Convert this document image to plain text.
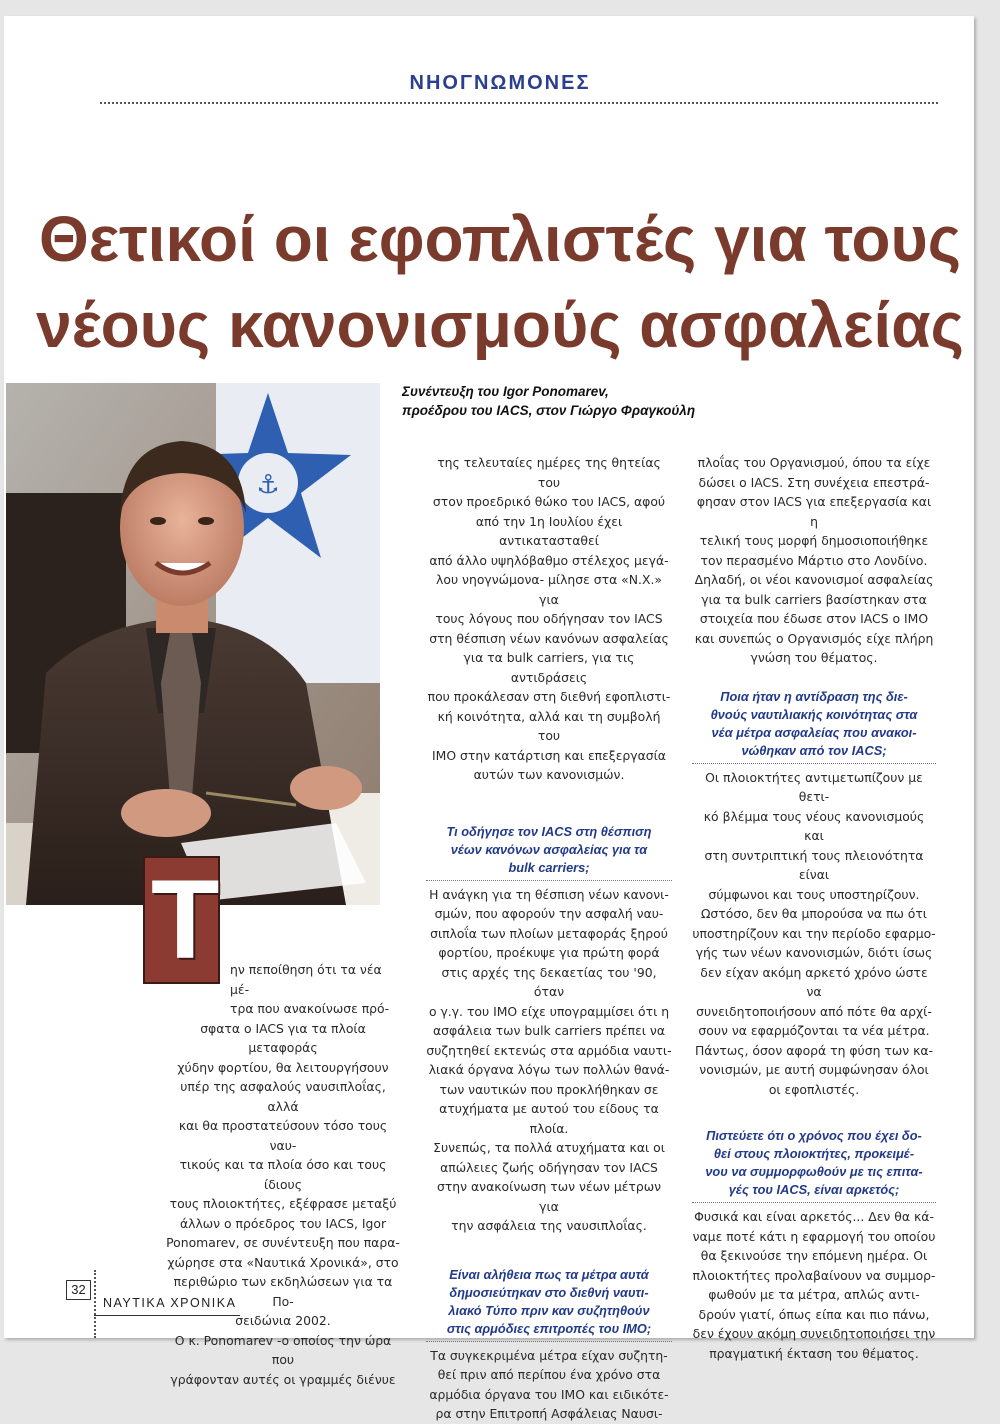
ΝΗΟΓΝΩΜΟΝΕΣ
Θετικοί οι εφοπλιστές για τους
νέους κανονισμούς ασφαλείας
Συνέντευξη του Igor Ponomarev,
προέδρου του IACS, στον Γιώργο Φραγκούλη
⚓
Τ ην πεποίθηση ότι τα νέα μέ-
τρα που ανακοίνωσε πρό-
σφατα ο IACS για τα πλοία μεταφοράς
χύδην φορτίου, θα λειτουργήσουν
υπέρ της ασφαλούς ναυσιπλοΐας, αλλά
και θα προστατεύσουν τόσο τους ναυ-
τικούς και τα πλοία όσο και τους ίδιους
τους πλοιοκτήτες, εξέφρασε μεταξύ
άλλων ο πρόεδρος του IACS, Igor
Ponomarev, σε συνέντευξη που παρα-
χώρησε στα «Ναυτικά Χρονικά», στο
περιθώριο των εκδηλώσεων για τα Πο-
σειδώνια 2002.
Ο κ. Ponomarev -ο οποίος την ώρα που
γράφονταν αυτές οι γραμμές διένυε
της τελευταίες ημέρες της θητείας του
στον προεδρικό θώκο του IACS, αφού
από την 1η Ιουλίου έχει αντικατασταθεί
από άλλο υψηλόβαθμο στέλεχος μεγά-
λου νηογνώμονα- μίλησε στα «Ν.Χ.» για
τους λόγους που οδήγησαν τον IACS
στη θέσπιση νέων κανόνων ασφαλείας
για τα bulk carriers, για τις αντιδράσεις
που προκάλεσαν στη διεθνή εφοπλιστι-
κή κοινότητα, αλλά και τη συμβολή του
ΙΜΟ στην κατάρτιση και επεξεργασία
αυτών των κανονισμών.
Τι οδήγησε τον IACS στη θέσπιση
νέων κανόνων ασφαλείας για τα
bulk carriers;
Η ανάγκη για τη θέσπιση νέων κανονι-
σμών, που αφορούν την ασφαλή ναυ-
σιπλοΐα των πλοίων μεταφοράς ξηρού
φορτίου, προέκυψε για πρώτη φορά
στις αρχές της δεκαετίας του '90, όταν
ο γ.γ. του ΙΜΟ είχε υπογραμμίσει ότι η
ασφάλεια των bulk carriers πρέπει να
συζητηθεί εκτενώς στα αρμόδια ναυτι-
λιακά όργανα λόγω των πολλών θανά-
των ναυτικών που προκλήθηκαν σε
ατυχήματα με αυτού του είδους τα
πλοία.
Συνεπώς, τα πολλά ατυχήματα και οι
απώλειες ζωής οδήγησαν τον IACS
στην ανακοίνωση των νέων μέτρων για
την ασφάλεια της ναυσιπλοΐας.
Είναι αλήθεια πως τα μέτρα αυτά
δημοσιεύτηκαν στο διεθνή ναυτι-
λιακό Τύπο πριν καν συζητηθούν
στις αρμόδιες επιτροπές του ΙΜΟ;
Τα συγκεκριμένα μέτρα είχαν συζητη-
θεί πριν από περίπου ένα χρόνο στα
αρμόδια όργανα του ΙΜΟ και ειδικότε-
ρα στην Επιτροπή Ασφάλειας Ναυσι-
πλοΐας του Οργανισμού, όπου τα είχε
δώσει ο IACS. Στη συνέχεια επεστρά-
φησαν στον IACS για επεξεργασία και η
τελική τους μορφή δημοσιοποιήθηκε
τον περασμένο Μάρτιο στο Λονδίνο.
Δηλαδή, οι νέοι κανονισμοί ασφαλείας
για τα bulk carriers βασίστηκαν στα
στοιχεία που έδωσε στον IACS ο ΙΜΟ
και συνεπώς ο Οργανισμός είχε πλήρη
γνώση του θέματος.
Ποια ήταν η αντίδραση της διε-
θνούς ναυτιλιακής κοινότητας στα
νέα μέτρα ασφαλείας που ανακοι-
νώθηκαν από τον IACS;
Οι πλοιοκτήτες αντιμετωπίζουν με θετι-
κό βλέμμα τους νέους κανονισμούς και
στη συντριπτική τους πλειονότητα είναι
σύμφωνοι και τους υποστηρίζουν.
Ωστόσο, δεν θα μπορούσα να πω ότι
υποστηρίζουν και την περίοδο εφαρμο-
γής των νέων κανονισμών, διότι ίσως
δεν είχαν ακόμη αρκετό χρόνο ώστε να
συνειδητοποιήσουν από πότε θα αρχί-
σουν να εφαρμόζονται τα νέα μέτρα.
Πάντως, όσον αφορά τη φύση των κα-
νονισμών, με αυτή συμφώνησαν όλοι
οι εφοπλιστές.
Πιστεύετε ότι ο χρόνος που έχει δο-
θεί στους πλοιοκτήτες, προκειμέ-
νου να συμμορφωθούν με τις επιτα-
γές του IACS, είναι αρκετός;
Φυσικά και είναι αρκετός... Δεν θα κά-
ναμε ποτέ κάτι η εφαρμογή του οποίου
θα ξεκινούσε την επόμενη ημέρα. Οι
πλοιοκτήτες προλαβαίνουν να συμμορ-
φωθούν με τα μέτρα, απλώς αντι-
δρούν γιατί, όπως είπα και πιο πάνω,
δεν έχουν ακόμη συνειδητοποιήσει την
πραγματική έκταση του θέματος.
32
ΝΑΥΤΙΚΑ ΧΡΟΝΙΚΑ
